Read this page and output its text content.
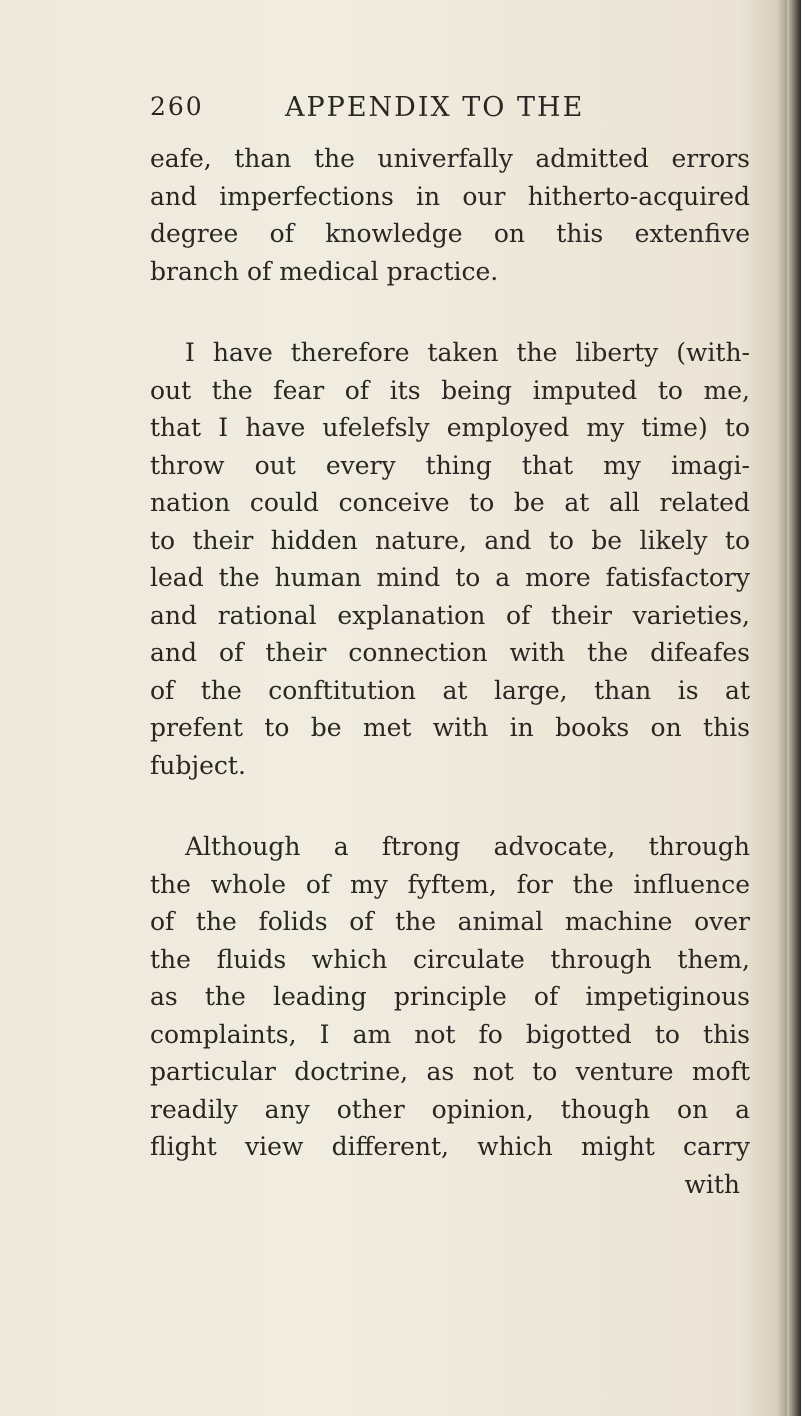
260	APPENDIX TO THE
eafe, than the univerfally admitted errors
and imperfections in our hitherto-acquired
degree of knowledge on this extenfive
branch of medical practice.
I have therefore taken the liberty (with-
out the fear of its being imputed to me,
that I have ufelefsly employed my time) to
throw out every thing that my imagi-
nation could conceive to be at all related
to their hidden nature, and to be likely to
lead the human mind to a more fatisfactory
and rational explanation of their varieties,
and of their connection with the difeafes
of the conftitution at large, than is at
prefent to be met with in books on this
fubject.
Although a ftrong advocate, through
the whole of my fyftem, for the influence
of the folids of the animal machine over
the fluids which circulate through them,
as the leading principle of impetiginous
complaints, I am not fo bigotted to this
particular doctrine, as not to venture moft
readily any other opinion, though on a
flight view different, which might carry
with
